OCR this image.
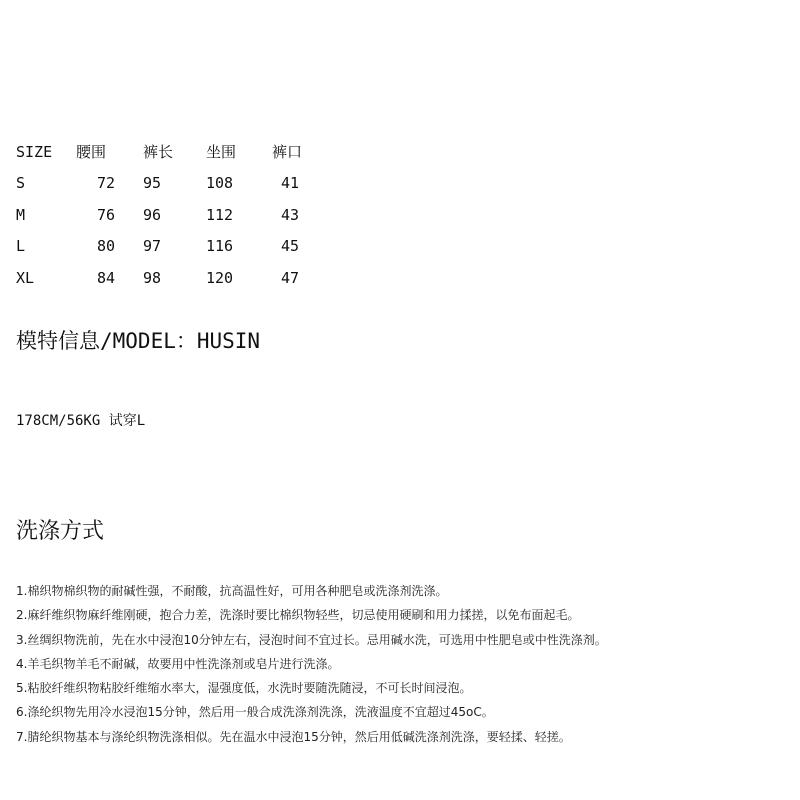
SIZE	腰围	裤长	坐围	裤口
S	72	95	108	41
M	76	96	112	43
L	80	97	116	45
XL	84	98	120	47
模特信息/MODEL：HUSIN
178CM/56KG 试穿L
洗涤方式
1.棉织物棉织物的耐碱性强，不耐酸，抗高温性好，可用各种肥皂或洗涤剂洗涤。
2.麻纤维织物麻纤维刚硬，抱合力差，洗涤时要比棉织物轻些，切忌使用硬刷和用力揉搓，以免布面起毛。
3.丝绸织物洗前，先在水中浸泡10分钟左右，浸泡时间不宜过长。忌用碱水洗，可选用中性肥皂或中性洗涤剂。
4.羊毛织物羊毛不耐碱，故要用中性洗涤剂或皂片进行洗涤。
5.粘胶纤维织物粘胶纤维缩水率大，湿强度低，水洗时要随洗随浸，不可长时间浸泡。
6.涤纶织物先用冷水浸泡15分钟，然后用一般合成洗涤剂洗涤，洗液温度不宜超过45oC。
7.腈纶织物基本与涤纶织物洗涤相似。先在温水中浸泡15分钟，然后用低碱洗涤剂洗涤，要轻揉、轻搓。
